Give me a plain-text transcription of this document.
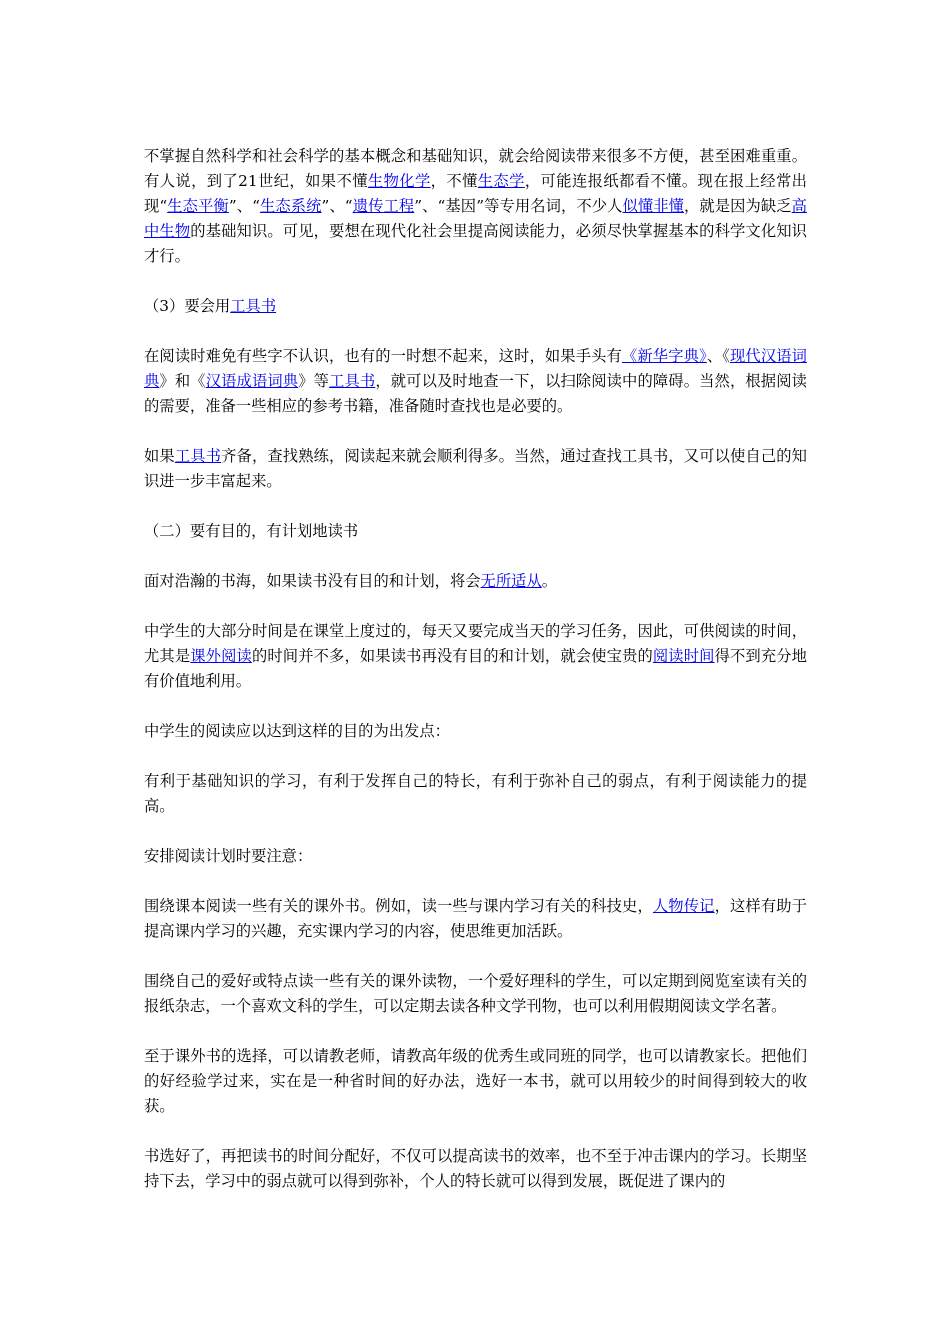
不掌握自然科学和社会科学的基本概念和基础知识，就会给阅读带来很多不方便，甚至困难重重。有人说，到了21世纪，如果不懂生物化学，不懂生态学，可能连报纸都看不懂。现在报上经常出现“生态平衡”、“生态系统”、“遗传工程”、“基因”等专用名词，不少人似懂非懂，就是因为缺乏高中生物的基础知识。可见，要想在现代化社会里提高阅读能力，必须尽快掌握基本的科学文化知识才行。

（3）要会用工具书

在阅读时难免有些字不认识，也有的一时想不起来，这时，如果手头有《新华字典》、《现代汉语词典》和《汉语成语词典》等工具书，就可以及时地查一下，以扫除阅读中的障碍。当然，根据阅读的需要，准备一些相应的参考书籍，准备随时查找也是必要的。

如果工具书齐备，查找熟练，阅读起来就会顺利得多。当然，通过查找工具书，又可以使自己的知识进一步丰富起来。

（二）要有目的，有计划地读书

面对浩瀚的书海，如果读书没有目的和计划，将会无所适从。

中学生的大部分时间是在课堂上度过的，每天又要完成当天的学习任务，因此，可供阅读的时间，尤其是课外阅读的时间并不多，如果读书再没有目的和计划，就会使宝贵的阅读时间得不到充分地有价值地利用。

中学生的阅读应以达到这样的目的为出发点：

有利于基础知识的学习，有利于发挥自己的特长，有利于弥补自己的弱点，有利于阅读能力的提高。

安排阅读计划时要注意：

围绕课本阅读一些有关的课外书。例如，读一些与课内学习有关的科技史，人物传记，这样有助于提高课内学习的兴趣，充实课内学习的内容，使思维更加活跃。

围绕自己的爱好或特点读一些有关的课外读物，一个爱好理科的学生，可以定期到阅览室读有关的报纸杂志，一个喜欢文科的学生，可以定期去读各种文学刊物，也可以利用假期阅读文学名著。

至于课外书的选择，可以请教老师，请教高年级的优秀生或同班的同学，也可以请教家长。把他们的好经验学过来，实在是一种省时间的好办法，选好一本书，就可以用较少的时间得到较大的收获。

书选好了，再把读书的时间分配好，不仅可以提高读书的效率，也不至于冲击课内的学习。长期坚持下去，学习中的弱点就可以得到弥补，个人的特长就可以得到发展，既促进了课内的
